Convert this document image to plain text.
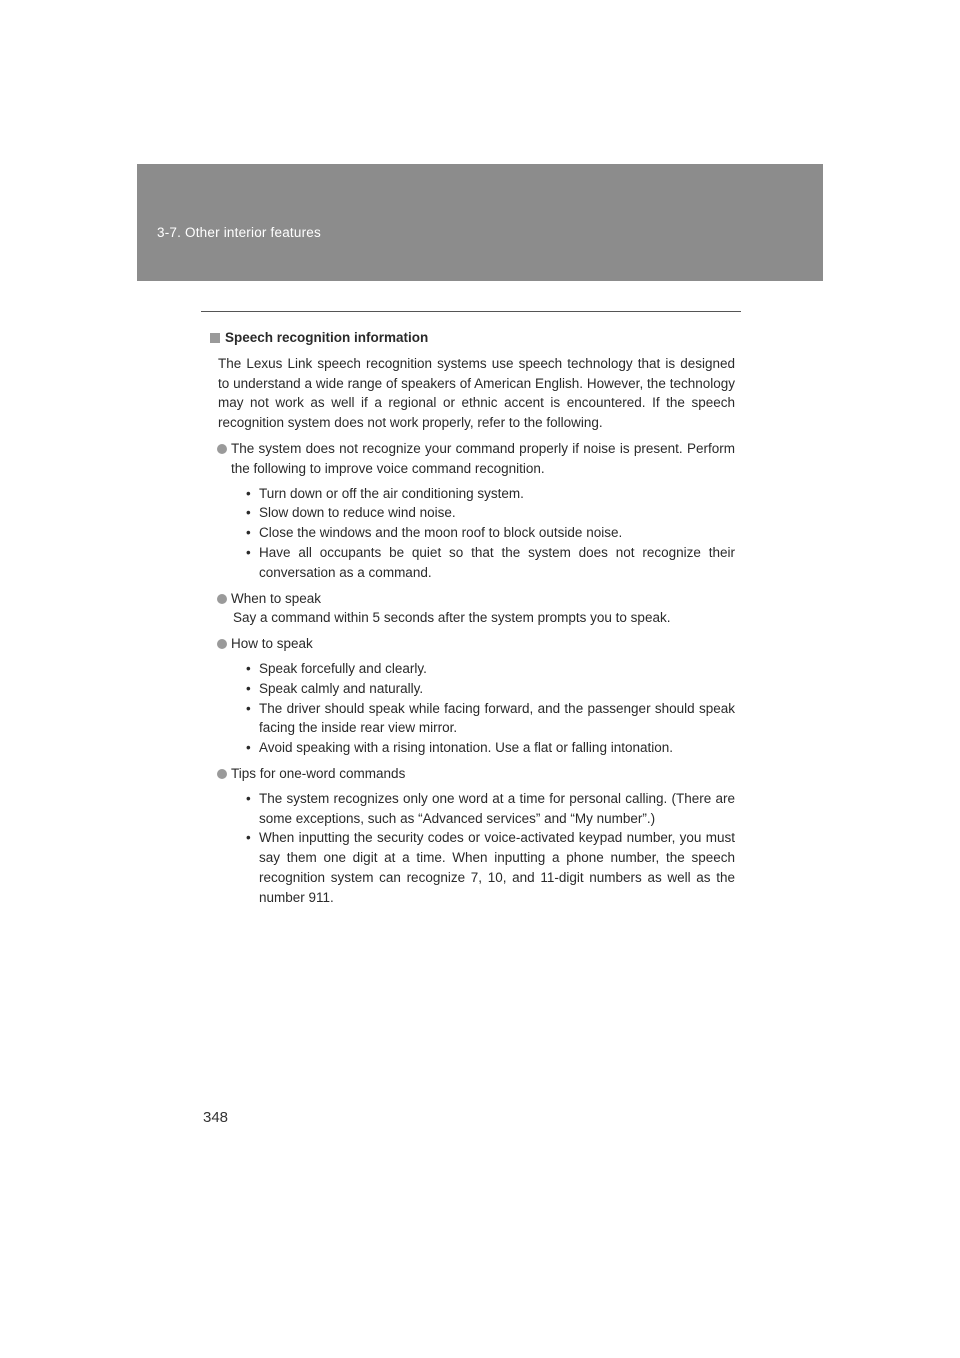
3-7. Other interior features
Speech recognition information

The Lexus Link speech recognition systems use speech technology that is designed to understand a wide range of speakers of American English. However, the technology may not work as well if a regional or ethnic accent is encountered. If the speech recognition system does not work properly, refer to the following.

The system does not recognize your command properly if noise is present. Perform the following to improve voice command recognition.
• Turn down or off the air conditioning system.
• Slow down to reduce wind noise.
• Close the windows and the moon roof to block outside noise.
• Have all occupants be quiet so that the system does not recognize their conversation as a command.
When to speak
Say a command within 5 seconds after the system prompts you to speak.
How to speak
• Speak forcefully and clearly.
• Speak calmly and naturally.
• The driver should speak while facing forward, and the passenger should speak facing the inside rear view mirror.
• Avoid speaking with a rising intonation. Use a flat or falling intonation.
Tips for one-word commands
• The system recognizes only one word at a time for personal calling. (There are some exceptions, such as “Advanced services” and “My number”.)
• When inputting the security codes or voice-activated keypad number, you must say them one digit at a time. When inputting a phone number, the speech recognition system can recognize 7, 10, and 11-digit numbers as well as the number 911.
348
